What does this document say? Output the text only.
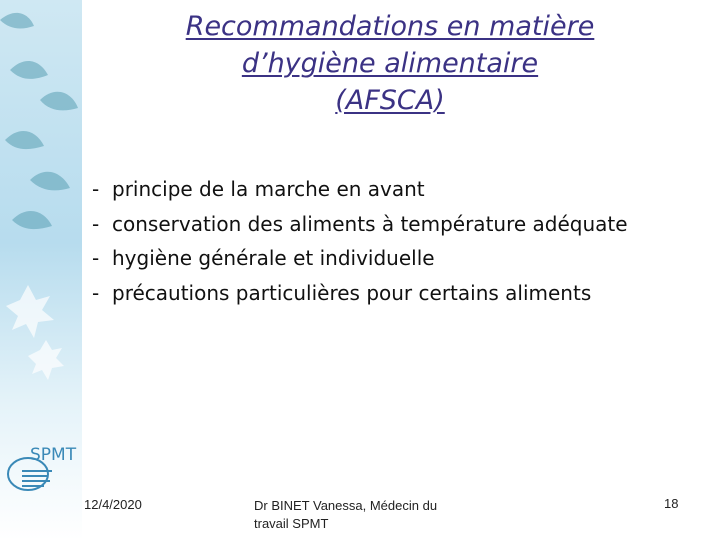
SPMT
Recommandations en matière
d’hygiène alimentaire
(AFSCA)
- principe de la marche en avant
- conservation des aliments à température adéquate
- hygiène générale et individuelle
- précautions particulières pour certains aliments
12/4/2020	Dr BINET Vanessa, Médecin du travail SPMT
18
